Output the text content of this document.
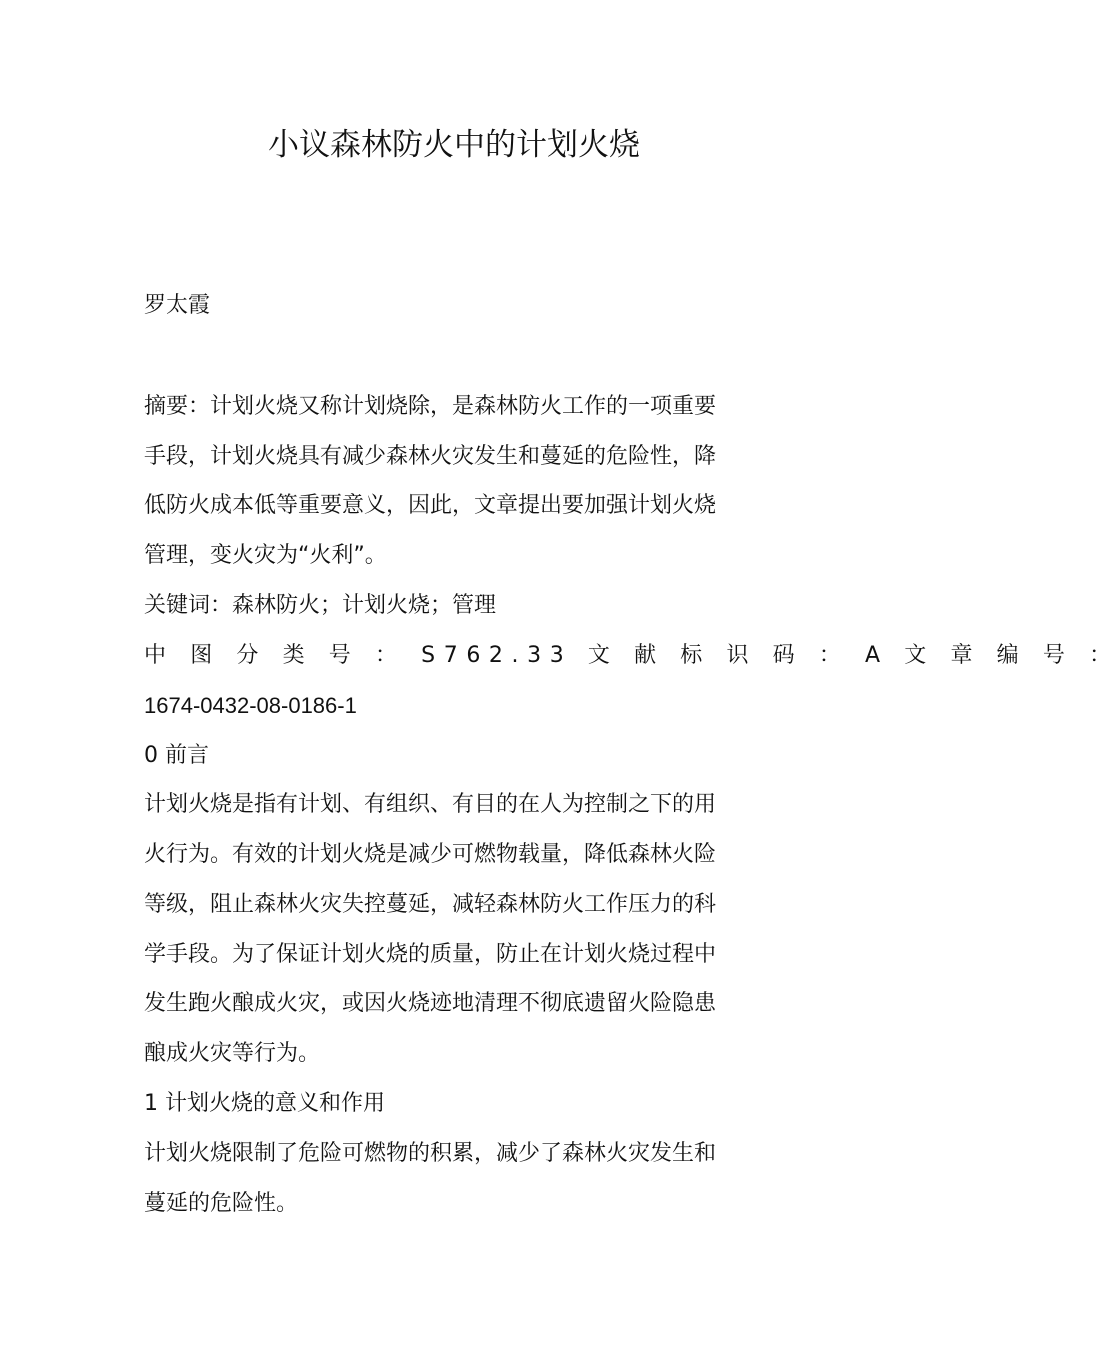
小议森林防火中的计划火烧

罗太霞

摘要：计划火烧又称计划烧除，是森林防火工作的一项重要

手段，计划火烧具有减少森林火灾发生和蔓延的危险性，降

低防火成本低等重要意义，因此，文章提出要加强计划火烧

管理，变火灾为“火利”。

关键词：森林防火；计划火烧；管理

中 图 分 类 号 ： S762.33 文 献 标 识 码 ： A 文 章 编 号 ：

1674-0432-08-0186-1

0 前言

计划火烧是指有计划、有组织、有目的在人为控制之下的用

火行为。有效的计划火烧是减少可燃物载量，降低森林火险

等级，阻止森林火灾失控蔓延，减轻森林防火工作压力的科

学手段。为了保证计划火烧的质量，防止在计划火烧过程中

发生跑火酿成火灾，或因火烧迹地清理不彻底遗留火险隐患

酿成火灾等行为。

1 计划火烧的意义和作用

计划火烧限制了危险可燃物的积累，减少了森林火灾发生和

蔓延的危险性。
